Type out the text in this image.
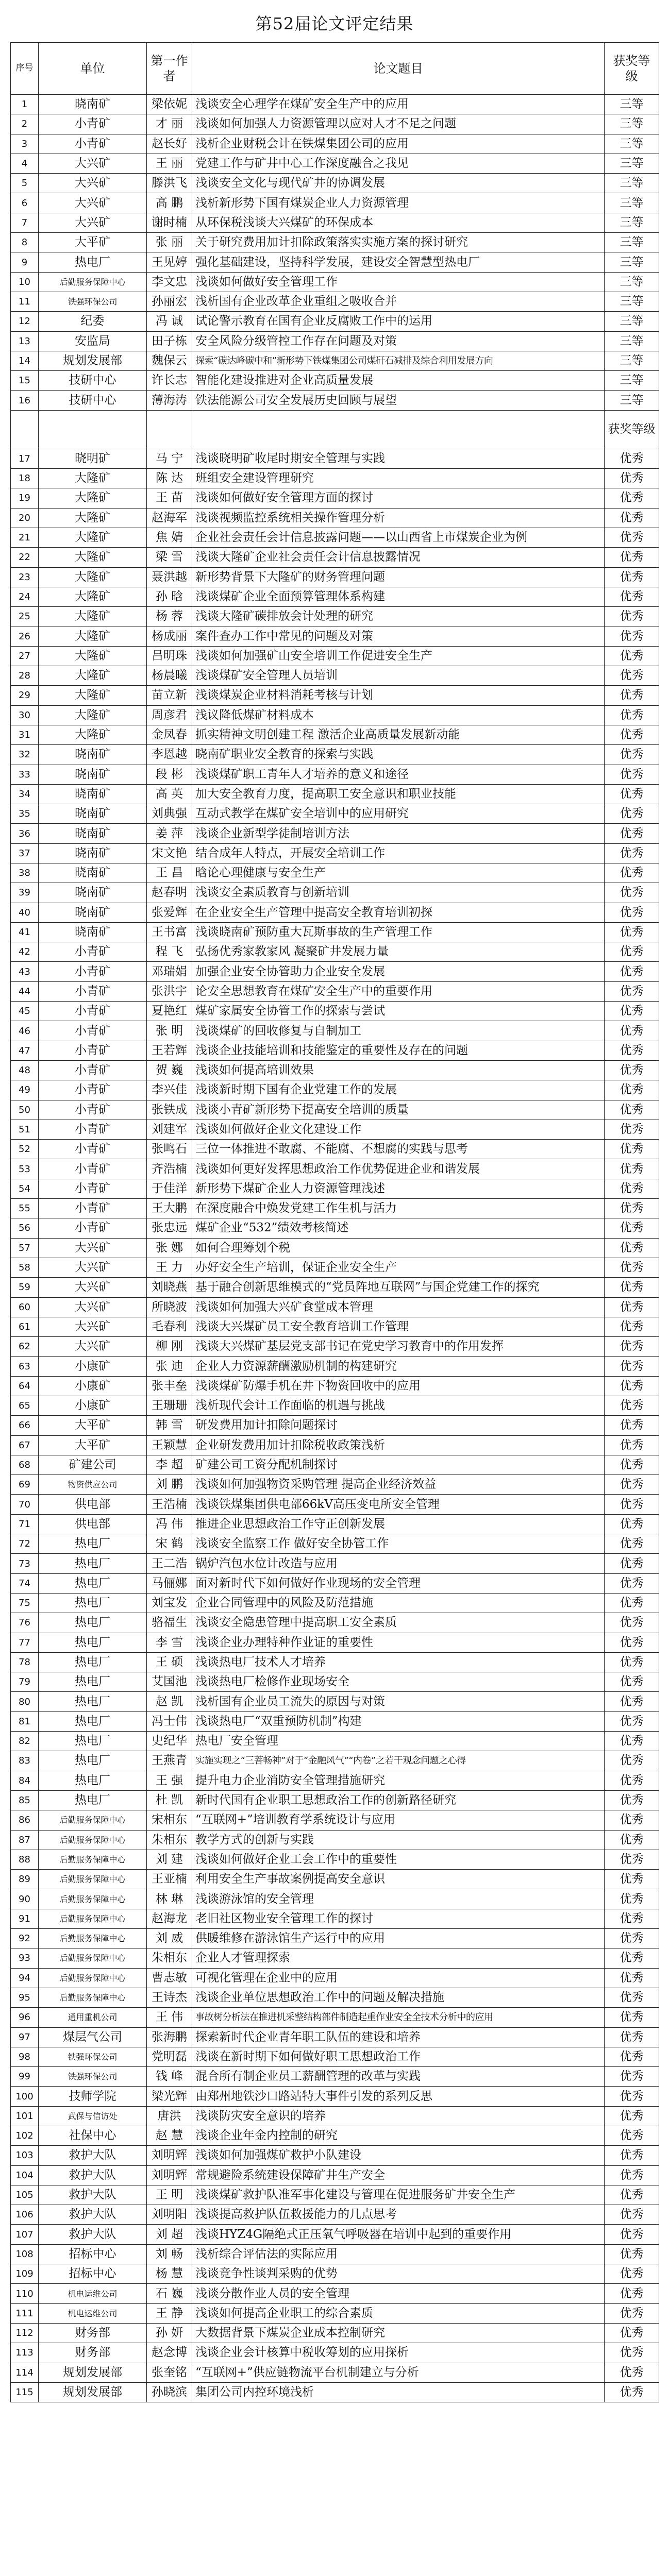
第52届论文评定结果
序号	单位	第一作者	论文题目	获奖等级
1	晓南矿	梁依妮	浅谈安全心理学在煤矿安全生产中的应用	三等
2	小青矿	才 丽	浅谈如何加强人力资源管理以应对人才不足之问题	三等
3	小青矿	赵长好	浅析企业财税会计在铁煤集团公司的应用	三等
4	大兴矿	王 丽	党建工作与矿井中心工作深度融合之我见	三等
5	大兴矿	滕洪飞	浅谈安全文化与现代矿井的协调发展	三等
6	大兴矿	高 鹏	浅析新形势下国有煤炭企业人力资源管理	三等
7	大兴矿	谢时楠	从环保税浅谈大兴煤矿的环保成本	三等
8	大平矿	张 丽	关于研究费用加计扣除政策落实实施方案的探讨研究	三等
9	热电厂	王见婷	强化基础建设，坚持科学发展，建设安全智慧型热电厂	三等
10	后勤服务保障中心	李文忠	浅谈如何做好安全管理工作	三等
11	铁强环保公司	孙丽宏	浅析国有企业改革企业重组之吸收合并	三等
12	纪委	冯 诚	试论警示教育在国有企业反腐败工作中的运用	三等
13	安监局	田子栋	安全风险分级管控工作存在问题及对策	三等
14	规划发展部	魏保云	探索“碳达峰碳中和”新形势下铁煤集团公司煤矸石减排及综合利用发展方向	三等
15	技研中心	许长志	智能化建设推进对企业高质量发展	三等
16	技研中心	薄海涛	铁法能源公司安全发展历史回顾与展望	三等
				获奖等级
17	晓明矿	马 宁	浅谈晓明矿收尾时期安全管理与实践	优秀
18	大隆矿	陈 达	班组安全建设管理研究	优秀
19	大隆矿	王 苗	浅谈如何做好安全管理方面的探讨	优秀
20	大隆矿	赵海军	浅谈视频监控系统相关操作管理分析	优秀
21	大隆矿	焦 婧	企业社会责任会计信息披露问题——以山西省上市煤炭企业为例	优秀
22	大隆矿	梁 雪	浅谈大隆矿企业社会责任会计信息披露情况	优秀
23	大隆矿	聂洪越	新形势背景下大隆矿的财务管理问题	优秀
24	大隆矿	孙 晗	浅谈煤矿企业全面预算管理体系构建	优秀
25	大隆矿	杨 蓉	浅谈大隆矿碳排放会计处理的研究	优秀
26	大隆矿	杨成丽	案件查办工作中常见的问题及对策	优秀
27	大隆矿	吕明珠	浅谈如何加强矿山安全培训工作促进安全生产	优秀
28	大隆矿	杨晨曦	浅谈煤矿安全管理人员培训	优秀
29	大隆矿	苗立新	浅谈煤炭企业材料消耗考核与计划	优秀
30	大隆矿	周彦君	浅议降低煤矿材料成本	优秀
31	大隆矿	金凤春	抓实精神文明创建工程 激活企业高质量发展新动能	优秀
32	晓南矿	李恩越	晓南矿职业安全教育的探索与实践	优秀
33	晓南矿	段 彬	浅谈煤矿职工青年人才培养的意义和途径	优秀
34	晓南矿	高 英	加大安全教育力度，提高职工安全意识和职业技能	优秀
35	晓南矿	刘典强	互动式教学在煤矿安全培训中的应用研究	优秀
36	晓南矿	姜 萍	浅谈企业新型学徒制培训方法	优秀
37	晓南矿	宋文艳	结合成年人特点，开展安全培训工作	优秀
38	晓南矿	王 昌	晗论心理健康与安全生产	优秀
39	晓南矿	赵春明	浅谈安全素质教育与创新培训	优秀
40	晓南矿	张爱辉	在企业安全生产管理中提高安全教育培训初探	优秀
41	晓南矿	王书富	浅谈晓南矿预防重大瓦斯事故的生产管理工作	优秀
42	小青矿	程 飞	弘扬优秀家教家风 凝聚矿井发展力量	优秀
43	小青矿	邓瑞娟	加强企业安全协管助力企业安全发展	优秀
44	小青矿	张洪宇	论安全思想教育在煤矿安全生产中的重要作用	优秀
45	小青矿	夏艳红	煤矿家属安全协管工作的探索与尝试	优秀
46	小青矿	张 明	浅谈煤矿的回收修复与自制加工	优秀
47	小青矿	王若辉	浅谈企业技能培训和技能鉴定的重要性及存在的问题	优秀
48	小青矿	贺 巍	浅谈如何提高培训效果	优秀
49	小青矿	李兴佳	浅谈新时期下国有企业党建工作的发展	优秀
50	小青矿	张铁成	浅谈小青矿新形势下提高安全培训的质量	优秀
51	小青矿	刘建军	浅谈如何做好企业文化建设工作	优秀
52	小青矿	张鸣石	三位一体推进不敢腐、不能腐、不想腐的实践与思考	优秀
53	小青矿	齐浩楠	浅谈如何更好发挥思想政治工作优势促进企业和谐发展	优秀
54	小青矿	于佳洋	新形势下煤矿企业人力资源管理浅述	优秀
55	小青矿	王大鹏	在深度融合中焕发党建工作生机与活力	优秀
56	小青矿	张忠远	煤矿企业“532”绩效考核简述	优秀
57	大兴矿	张 娜	如何合理筹划个税	优秀
58	大兴矿	王 力	办好安全生产培训，保证企业安全生产	优秀
59	大兴矿	刘晓燕	基于融合创新思维模式的“党员阵地互联网”与国企党建工作的探究	优秀
60	大兴矿	所晓波	浅谈如何加强大兴矿食堂成本管理	优秀
61	大兴矿	毛春利	浅谈大兴煤矿员工安全教育培训工作管理	优秀
62	大兴矿	柳 刚	浅谈大兴煤矿基层党支部书记在党史学习教育中的作用发挥	优秀
63	小康矿	张 迪	企业人力资源薪酬激励机制的构建研究	优秀
64	小康矿	张丰垒	浅谈煤矿防爆手机在井下物资回收中的应用	优秀
65	小康矿	王珊珊	浅析现代会计工作面临的机遇与挑战	优秀
66	大平矿	韩 雪	研发费用加计扣除问题探讨	优秀
67	大平矿	王颖慧	企业研发费用加计扣除税收政策浅析	优秀
68	矿建公司	李 超	矿建公司工资分配机制探讨	优秀
69	物资供应公司	刘 鹏	浅谈如何加强物资采购管理 提高企业经济效益	优秀
70	供电部	王浩楠	浅谈铁煤集团供电部66kV高压变电所安全管理	优秀
71	供电部	冯 伟	推进企业思想政治工作守正创新发展	优秀
72	热电厂	宋 鹤	浅谈安全监察工作 做好安全协管工作	优秀
73	热电厂	王二浩	锅炉汽包水位计改造与应用	优秀
74	热电厂	马俪娜	面对新时代下如何做好作业现场的安全管理	优秀
75	热电厂	刘宝发	企业合同管理中的风险及防范措施	优秀
76	热电厂	骆福生	浅谈安全隐患管理中提高职工安全素质	优秀
77	热电厂	李 雪	浅谈企业办理特种作业证的重要性	优秀
78	热电厂	王 硕	浅谈热电厂技术人才培养	优秀
79	热电厂	艾国池	浅谈热电厂检修作业现场安全	优秀
80	热电厂	赵 凯	浅析国有企业员工流失的原因与对策	优秀
81	热电厂	冯士伟	浅谈热电厂“双重预防机制”构建	优秀
82	热电厂	史纪华	热电厂安全管理	优秀
83	热电厂	王燕青	实施实现之“三菩畅神”对于“金融风气”“内卷”之若干观念问题之心得	优秀
84	热电厂	王 强	提升电力企业消防安全管理措施研究	优秀
85	热电厂	杜 凯	新时代国有企业职工思想政治工作的创新路径研究	优秀
86	后勤服务保障中心	宋相东	“互联网+”培训教育学系统设计与应用	优秀
87	后勤服务保障中心	朱相东	教学方式的创新与实践	优秀
88	后勤服务保障中心	刘 建	浅谈如何做好企业工会工作中的重要性	优秀
89	后勤服务保障中心	王亚楠	利用安全生产事故案例提高安全意识	优秀
90	后勤服务保障中心	林 琳	浅谈游泳馆的安全管理	优秀
91	后勤服务保障中心	赵海龙	老旧社区物业安全管理工作的探讨	优秀
92	后勤服务保障中心	刘 威	供暖维修在游泳馆生产运行中的应用	优秀
93	后勤服务保障中心	朱相东	企业人才管理探索	优秀
94	后勤服务保障中心	曹志敏	可视化管理在企业中的应用	优秀
95	后勤服务保障中心	王诗杰	浅谈企业单位思想政治工作中的问题及解决措施	优秀
96	通用重机公司	王 伟	事故树分析法在推进机采整结构部件制造起重作业安全全技术分析中的应用	优秀
97	煤层气公司	张海鹏	探索新时代企业青年职工队伍的建设和培养	优秀
98	铁强环保公司	党明磊	浅谈在新时期下如何做好职工思想政治工作	优秀
99	铁强环保公司	钱 峰	混合所有制企业员工薪酬管理的改革与实践	优秀
100	技师学院	梁光辉	由郑州地铁沙口路站特大事件引发的系列反思	优秀
101	武保与信访处	唐洪	浅谈防灾安全意识的培养	优秀
102	社保中心	赵 慧	浅谈企业年金内控制的研究	优秀
103	救护大队	刘明辉	浅谈如何加强煤矿救护小队建设	优秀
104	救护大队	刘明辉	常规避险系统建设保障矿井生产安全	优秀
105	救护大队	王 明	浅谈煤矿救护队准军事化建设与管理在促进服务矿井安全生产	优秀
106	救护大队	刘明阳	浅谈提高救护队伍救援能力的几点思考	优秀
107	救护大队	刘 超	浅谈HYZ4G隔绝式正压氧气呼吸器在培训中起到的重要作用	优秀
108	招标中心	刘 畅	浅析综合评估法的实际应用	优秀
109	招标中心	杨 慧	浅谈竞争性谈判采购的优势	优秀
110	机电运维公司	石 巍	浅谈分散作业人员的安全管理	优秀
111	机电运维公司	王 静	浅谈如何提高企业职工的综合素质	优秀
112	财务部	孙 妍	大数据背景下煤炭企业成本控制研究	优秀
113	财务部	赵念博	浅谈企业会计核算中税收筹划的应用探析	优秀
114	规划发展部	张奎铭	“互联网+”供应链物流平台机制建立与分析	优秀
115	规划发展部	孙晓滨	集团公司内控环境浅析	优秀
